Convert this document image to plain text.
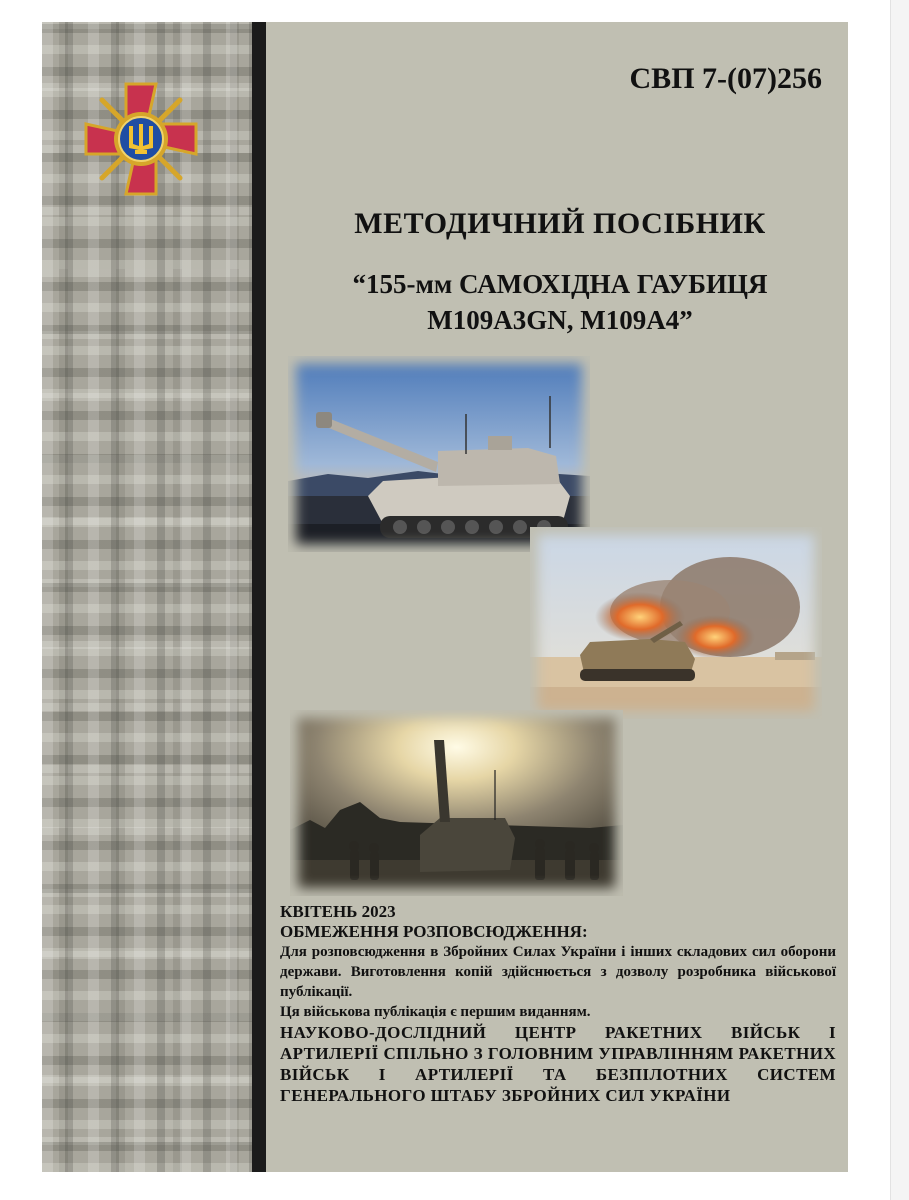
СВП 7-(07)256
МЕТОДИЧНИЙ ПОСІБНИК
“155-мм САМОХІДНА ГАУБИЦЯ
M109A3GN, M109A4”
КВІТЕНЬ 2023
ОБМЕЖЕННЯ РОЗПОВСЮДЖЕННЯ:
Для розповсюдження в Збройних Силах України і інших складових сил оборони держави. Виготовлення копій здійснюється з дозволу розробника військової публікації.
Ця військова публікація є першим виданням.
НАУКОВО-ДОСЛІДНИЙ ЦЕНТР РАКЕТНИХ ВІЙСЬК І АРТИЛЕРІЇ СПІЛЬНО З ГОЛОВНИМ УПРАВЛІННЯМ РАКЕТНИХ ВІЙСЬК І АРТИЛЕРІЇ ТА БЕЗПІЛОТНИХ СИСТЕМ ГЕНЕРАЛЬНОГО ШТАБУ ЗБРОЙНИХ СИЛ УКРАЇНИ
